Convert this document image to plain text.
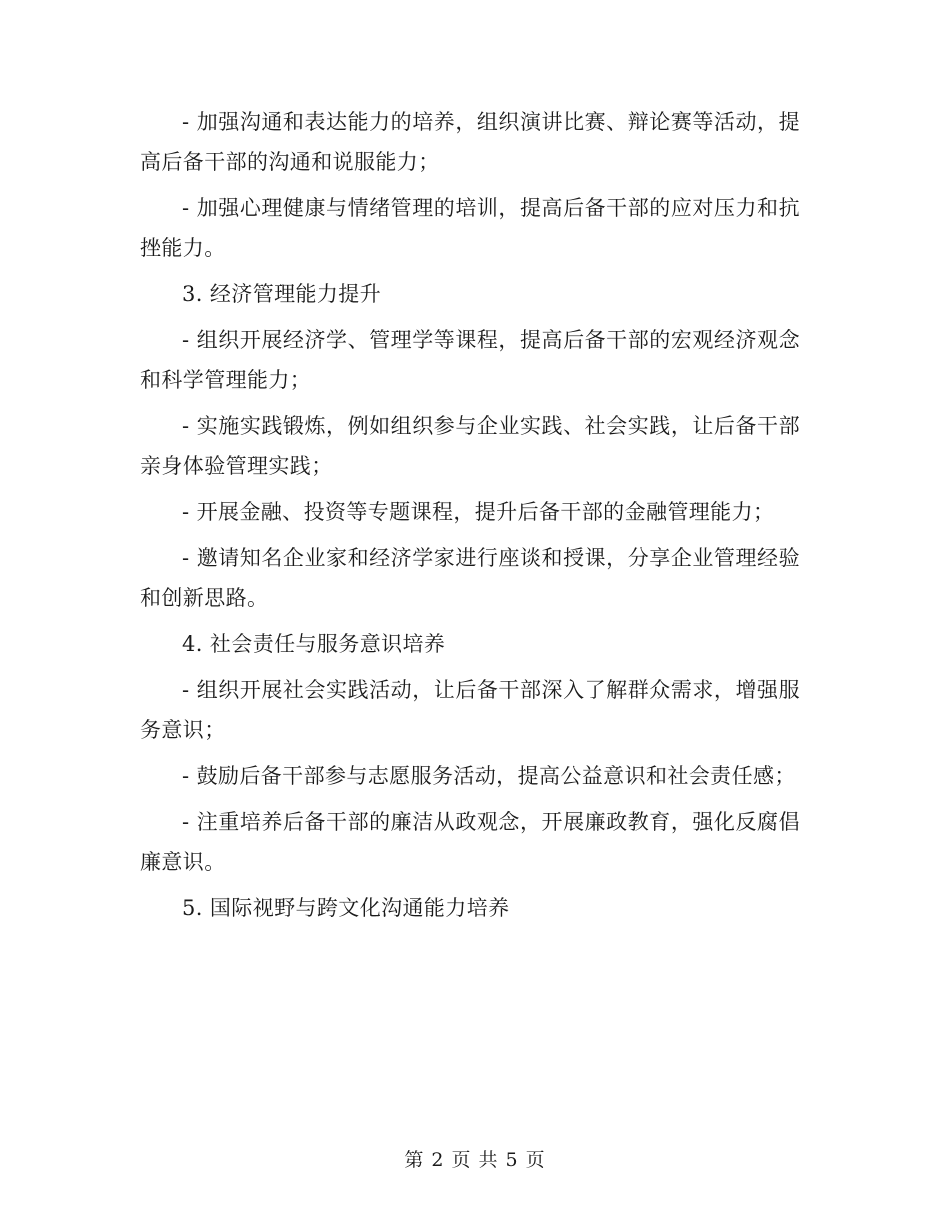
- 加强沟通和表达能力的培养，组织演讲比赛、辩论赛等活动，提高后备干部的沟通和说服能力；

- 加强心理健康与情绪管理的培训，提高后备干部的应对压力和抗挫能力。

3. 经济管理能力提升

- 组织开展经济学、管理学等课程，提高后备干部的宏观经济观念和科学管理能力；

- 实施实践锻炼，例如组织参与企业实践、社会实践，让后备干部亲身体验管理实践；

- 开展金融、投资等专题课程，提升后备干部的金融管理能力；

- 邀请知名企业家和经济学家进行座谈和授课，分享企业管理经验和创新思路。

4. 社会责任与服务意识培养

- 组织开展社会实践活动，让后备干部深入了解群众需求，增强服务意识；

- 鼓励后备干部参与志愿服务活动，提高公益意识和社会责任感；

- 注重培养后备干部的廉洁从政观念，开展廉政教育，强化反腐倡廉意识。

5. 国际视野与跨文化沟通能力培养

第 2 页 共 5 页
